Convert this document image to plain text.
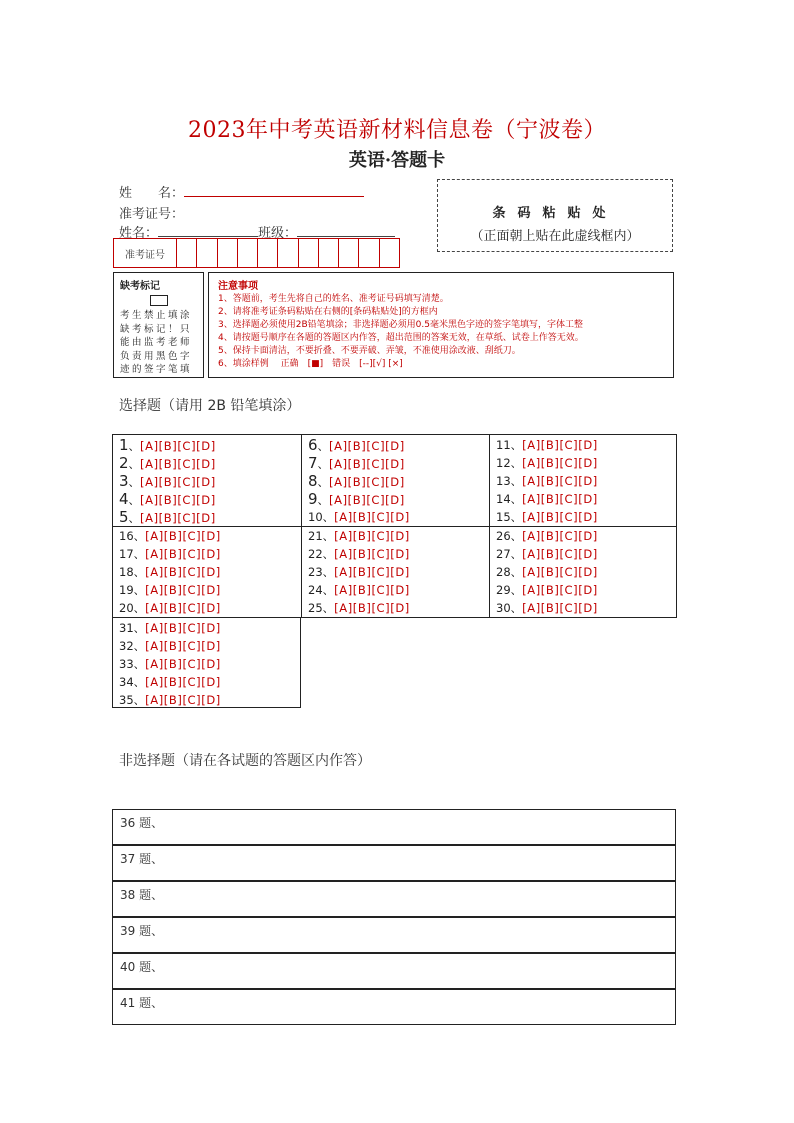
2023年中考英语新材料信息卷（宁波卷）
英语·答题卡
姓　　名：
准考证号：
姓名：	班级：
准考证号
条码粘贴处
（正面朝上贴在此虚线框内）
缺考标记
考生禁止填涂缺考标记！只能由监考老师负责用黑色字迹的签字笔填
注意事项
1、答题前，考生先将自己的姓名、准考证号码填写清楚。
2、请将准考证条码粘贴在右侧的[条码粘贴处]的方框内
3、选择题必须使用2B铅笔填涂；非选择题必须用0.5毫米黑色字迹的签字笔填写，字体工整
4、请按题号顺序在各题的答题区内作答，超出范围的答案无效，在草纸、试卷上作答无效。
5、保持卡面清洁，不要折叠、不要弄破、弄皱，不准使用涂改液、刮纸刀。
6、填涂样例　 正确　[■]　错误　[--][√] [×]
选择题（请用 2B 铅笔填涂）
1、[A][B][C][D]
2、[A][B][C][D]
3、[A][B][C][D]
4、[A][B][C][D]
5、[A][B][C][D]
6、[A][B][C][D]
7、[A][B][C][D]
8、[A][B][C][D]
9、[A][B][C][D]
10、[A][B][C][D]
11、[A][B][C][D]
12、[A][B][C][D]
13、[A][B][C][D]
14、[A][B][C][D]
15、[A][B][C][D]
16、[A][B][C][D]
17、[A][B][C][D]
18、[A][B][C][D]
19、[A][B][C][D]
20、[A][B][C][D]
21、[A][B][C][D]
22、[A][B][C][D]
23、[A][B][C][D]
24、[A][B][C][D]
25、[A][B][C][D]
26、[A][B][C][D]
27、[A][B][C][D]
28、[A][B][C][D]
29、[A][B][C][D]
30、[A][B][C][D]
31、[A][B][C][D]
32、[A][B][C][D]
33、[A][B][C][D]
34、[A][B][C][D]
35、[A][B][C][D]
非选择题（请在各试题的答题区内作答）
36 题、
37 题、
38 题、
39 题、
40 题、
41 题、
